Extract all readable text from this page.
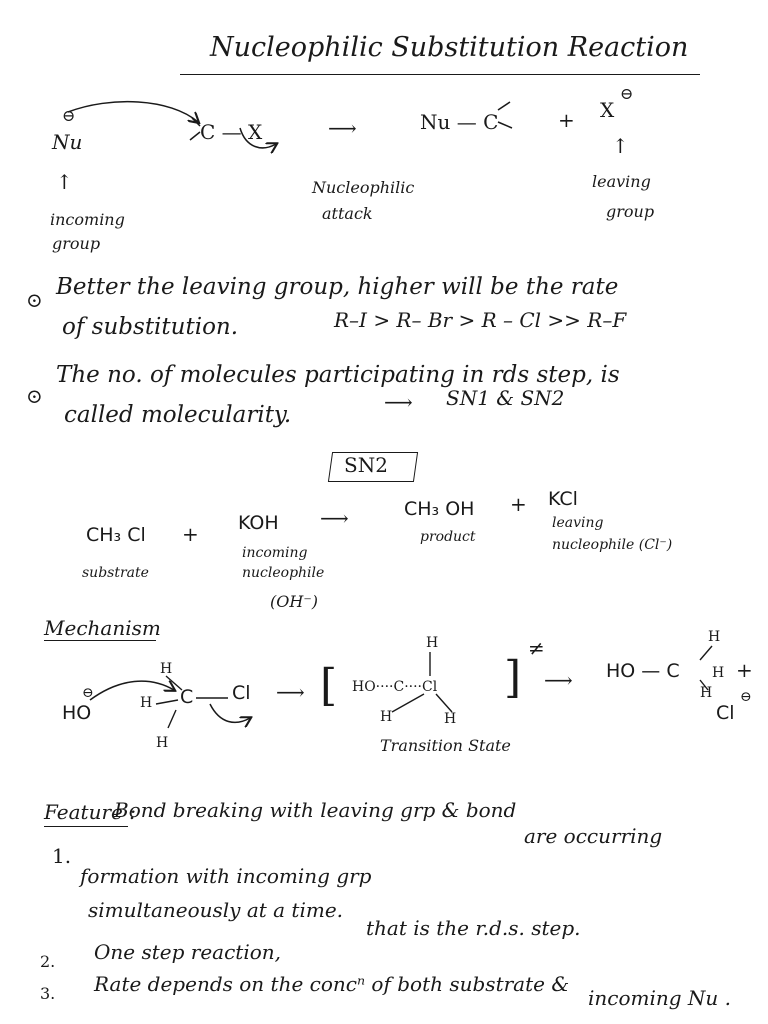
Nucleophilic Substitution Reaction
⊖
Nu	C — X	⟶	Nu — C	+ X
⊖
↑
incoming
group
Nucleophilic
attack
↑
leaving
group
⊙ Better the leaving group, higher will be the rate
of substitution.	R–I > R– Br > R – Cl >> R–F
⊙
The no. of molecules participating in rds step, is
called molecularity.	⟶ SN1 & SN2
SN2
CH₃ Cl + KOH ⟶	CH₃ OH + KCl
substrate
incoming
nucleophile
(OH⁻)
product
leaving
nucleophile (Cl⁻)
Mechanism
⊖
HO
H
H C Cl
H
⟶ [ HO····C····Cl
H
H	H
]
≠
Transition State
⟶
H
HO — C H
H
+
Cl
⊖
Feature :
1.
Bond breaking with leaving grp & bond
are occurring
formation with incoming grp
simultaneously at a time.
that is the r.d.s. step.
2. One step reaction,
3. Rate depends on the concⁿ of both substrate &
incoming Nu .
